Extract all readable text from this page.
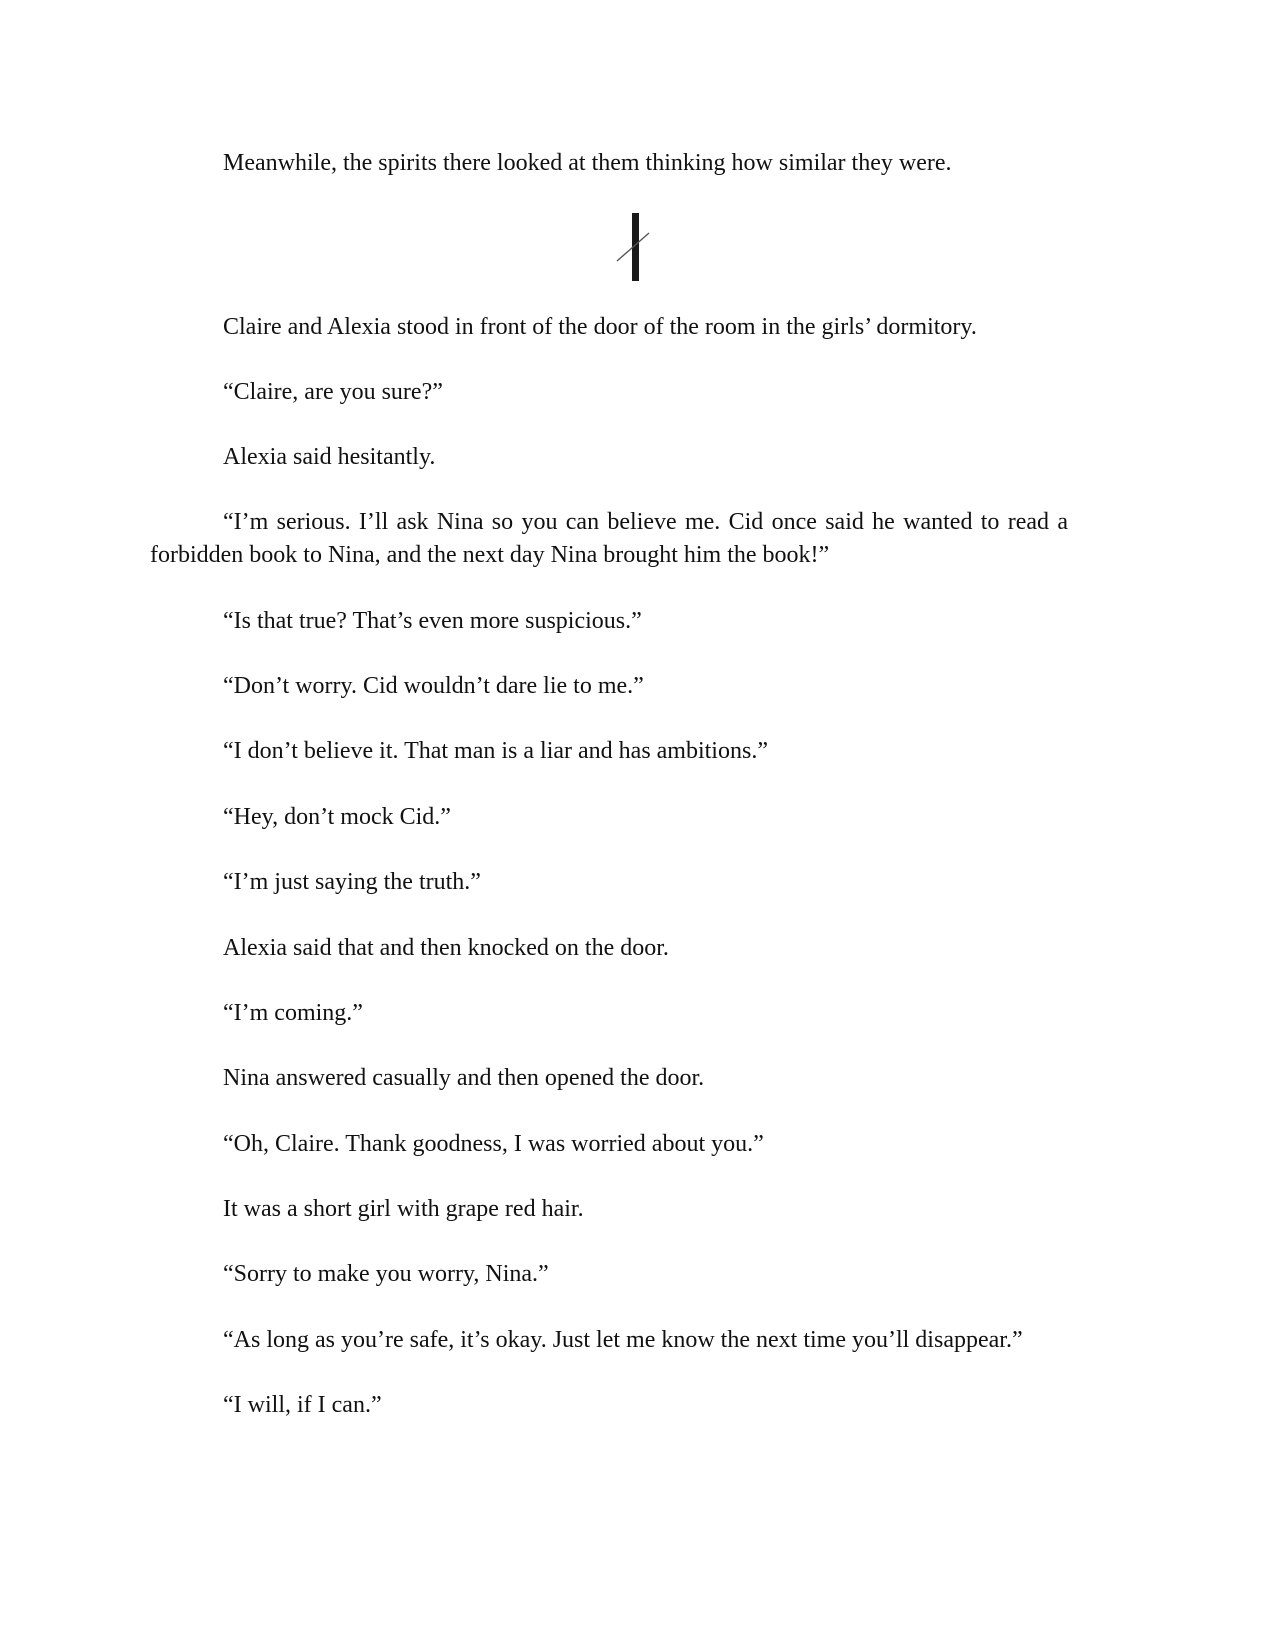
Meanwhile, the spirits there looked at them thinking how similar they were.

Claire and Alexia stood in front of the door of the room in the girls’ dormitory.

“Claire, are you sure?”

Alexia said hesitantly.

“I’m serious. I’ll ask Nina so you can believe me. Cid once said he wanted to read a forbidden book to Nina, and the next day Nina brought him the book!”

“Is that true? That’s even more suspicious.”

“Don’t worry. Cid wouldn’t dare lie to me.”

“I don’t believe it. That man is a liar and has ambitions.”

“Hey, don’t mock Cid.”

“I’m just saying the truth.”

Alexia said that and then knocked on the door.

“I’m coming.”

Nina answered casually and then opened the door.

“Oh, Claire. Thank goodness, I was worried about you.”

It was a short girl with grape red hair.

“Sorry to make you worry, Nina.”

“As long as you’re safe, it’s okay. Just let me know the next time you’ll disappear.”

“I will, if I can.”
